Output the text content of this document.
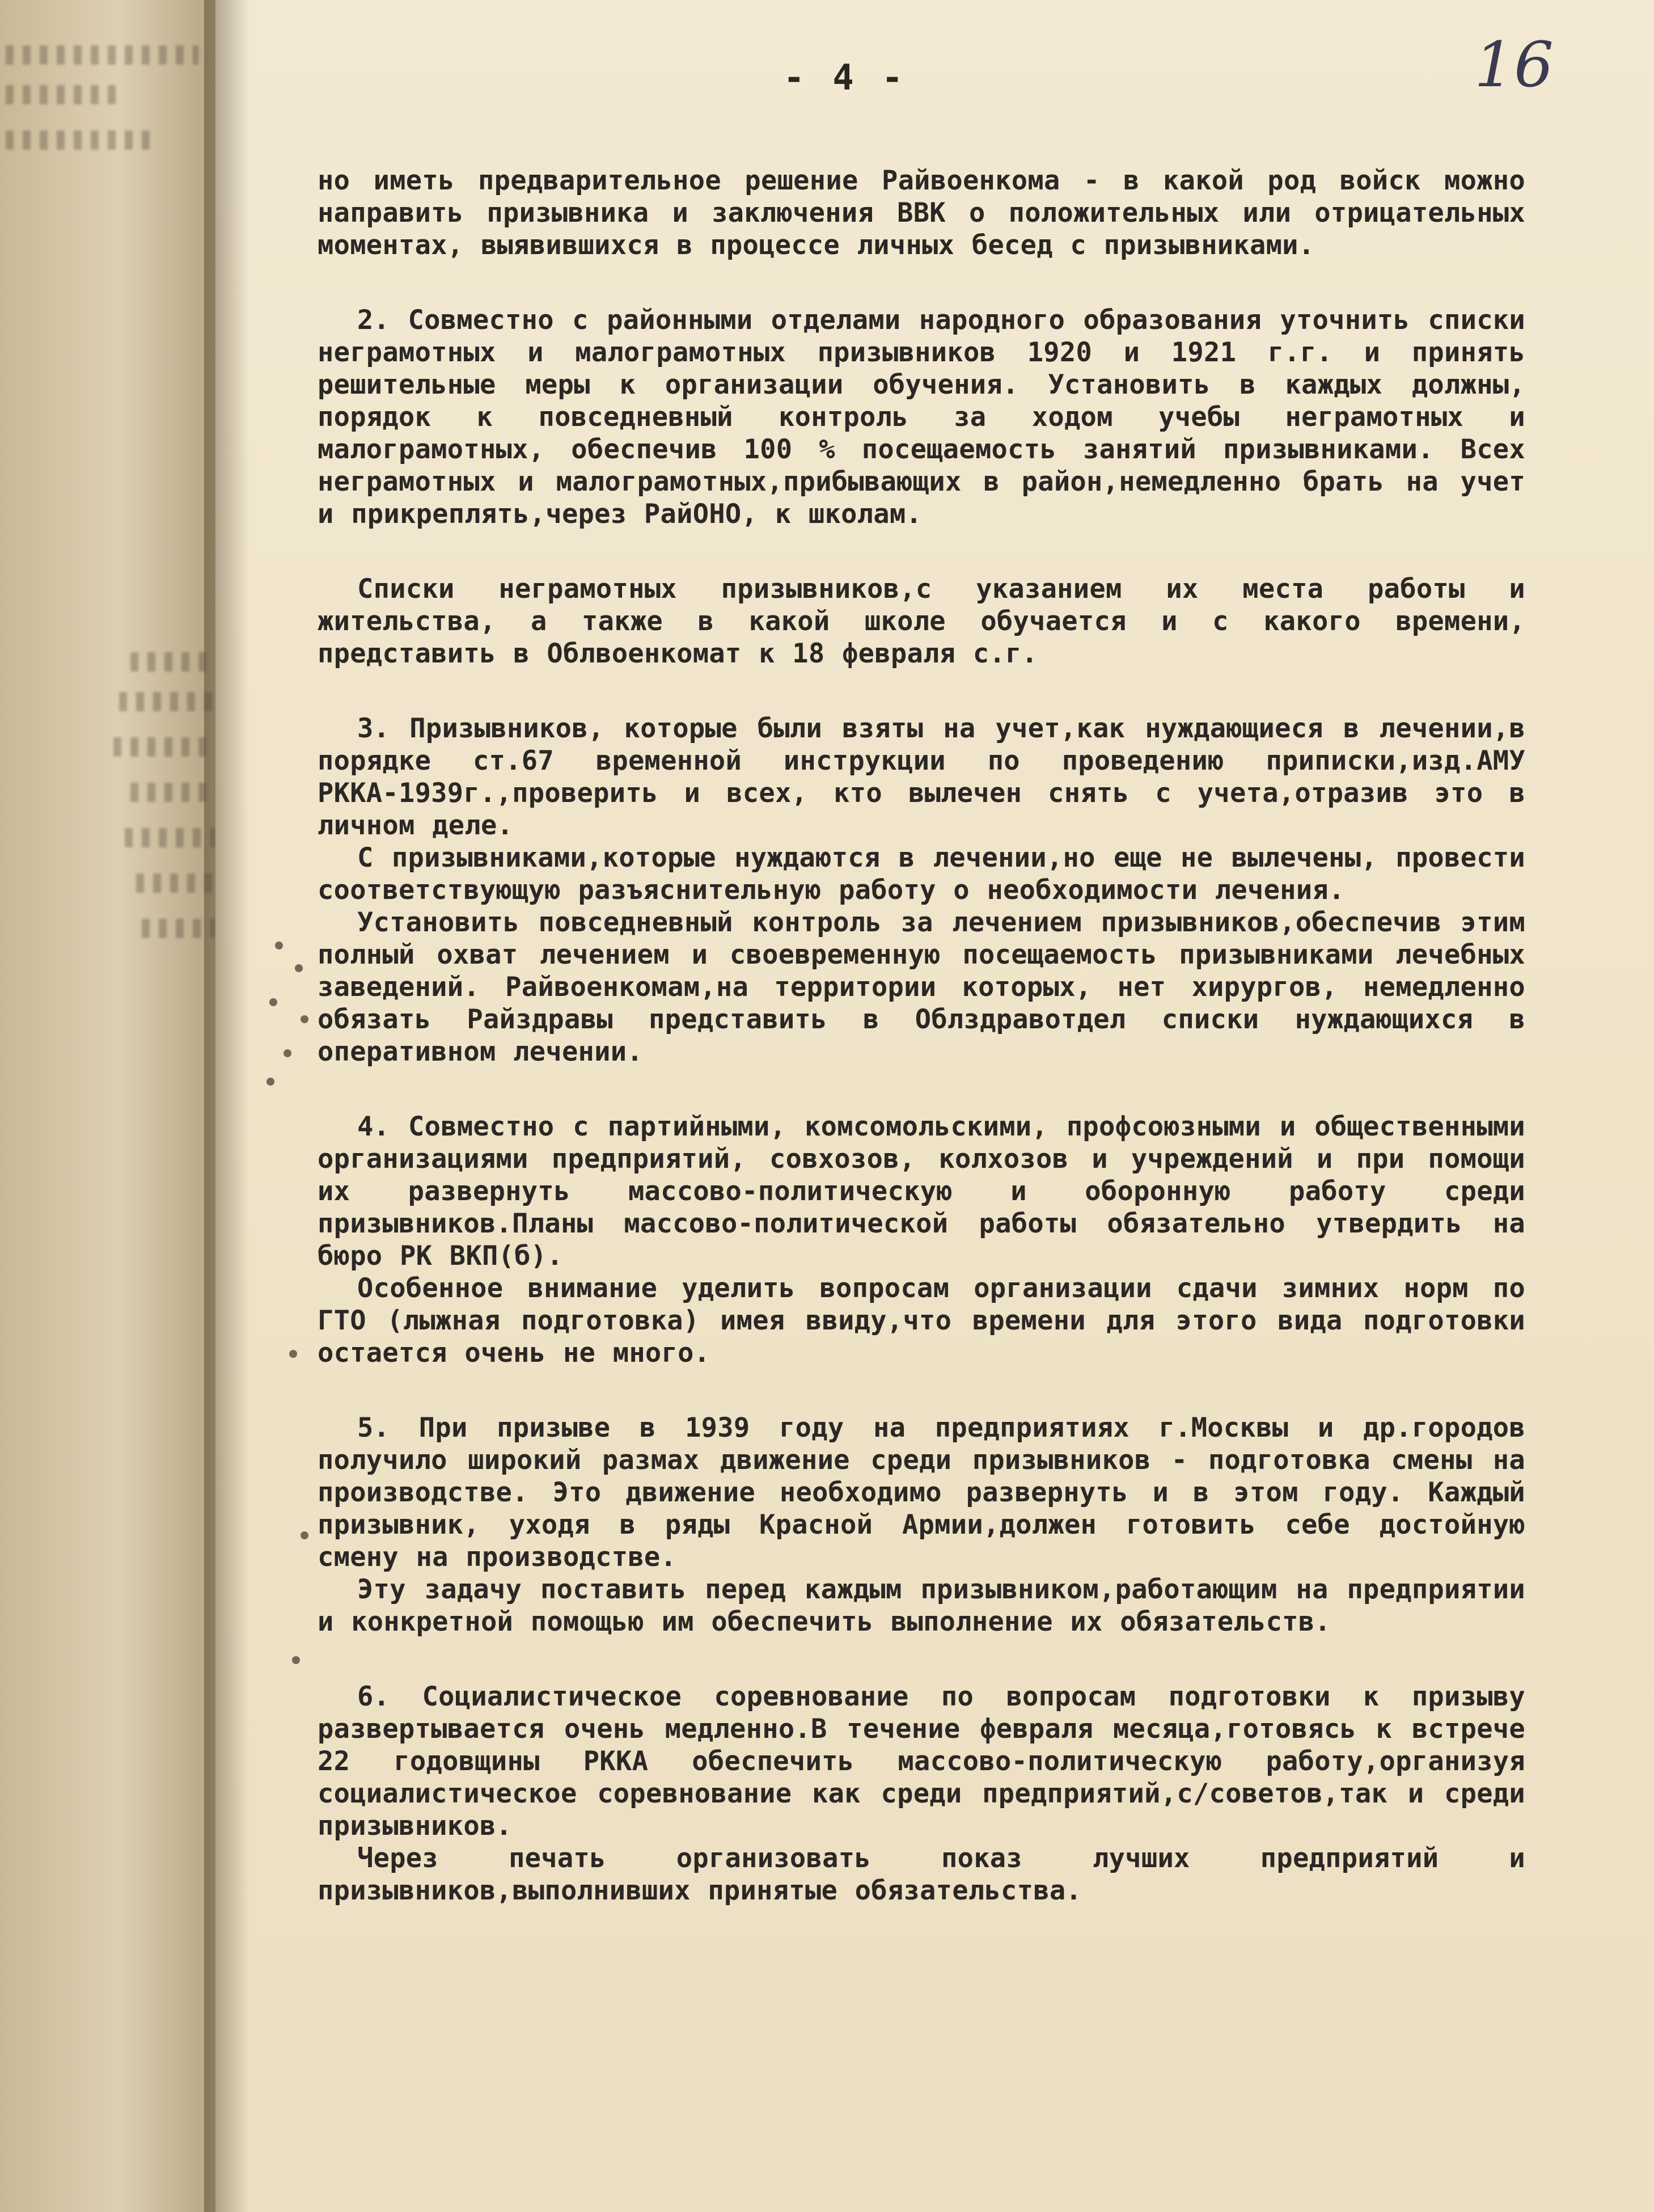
16
- 4 -

но иметь предварительное решение Райвоенкома - в какой род войск можно направить призывника и заключения ВВК о положительных или отрицательных моментах, выявившихся в процессе личных бесед с призывниками.

2. Совместно с районными отделами народного образования уточнить списки неграмотных и малограмотных призывников 1920 и 1921 г.г. и принять решительные меры к организации обучения. Установить в каждых должны, порядок к повседневный контроль за ходом учебы неграмотных и малограмотных, обеспечив 100 % посещаемость занятий призывниками. Всех неграмотных и малограмотных,прибывающих в район,немедленно брать на учет и прикреплять,через РайОНО, к школам.

Списки неграмотных призывников,с указанием их места работы и жительства, а также в какой школе обучается и с какого времени, представить в Облвоенкомат к 18 февраля с.г.

3. Призывников, которые были взяты на учет,как нуждающиеся в лечении,в порядке ст.67 временной инструкции по проведению приписки,изд.АМУ РККА-1939г.,проверить и всех, кто вылечен снять с учета,отразив это в личном деле.

С призывниками,которые нуждаются в лечении,но еще не вылечены, провести соответствующую разъяснительную работу о необходимости лечения.

Установить повседневный контроль за лечением призывников,обеспечив этим полный охват лечением и своевременную посещаемость призывниками лечебных заведений. Райвоенкомам,на территории которых, нет хирургов, немедленно обязать Райздравы представить в Облздравотдел списки нуждающихся в оперативном лечении.

4. Совместно с партийными, комсомольскими, профсоюзными и общественными организациями предприятий, совхозов, колхозов и учреждений и при помощи их развернуть массово-политическую и оборонную работу среди призывников.Планы массово-политической работы обязательно утвердить на бюро РК ВКП(б).

Особенное внимание уделить вопросам организации сдачи зимних норм по ГТО (лыжная подготовка) имея ввиду,что времени для этого вида подготовки остается очень не много.

5. При призыве в 1939 году на предприятиях г.Москвы и др.городов получило широкий размах движение среди призывников - подготовка смены на производстве. Это движение необходимо развернуть и в этом году. Каждый призывник, уходя в ряды Красной Армии,должен готовить себе достойную смену на производстве.

Эту задачу поставить перед каждым призывником,работающим на предприятии и конкретной помощью им обеспечить выполнение их обязательств.

6. Социалистическое соревнование по вопросам подготовки к призыву развертывается очень медленно.В течение февраля месяца,готовясь к встрече 22 годовщины РККА обеспечить массово-политическую работу,организуя социалистическое соревнование как среди предприятий,с/советов,так и среди призывников.

Через печать организовать показ лучших предприятий и призывников,выполнивших принятые обязательства.
